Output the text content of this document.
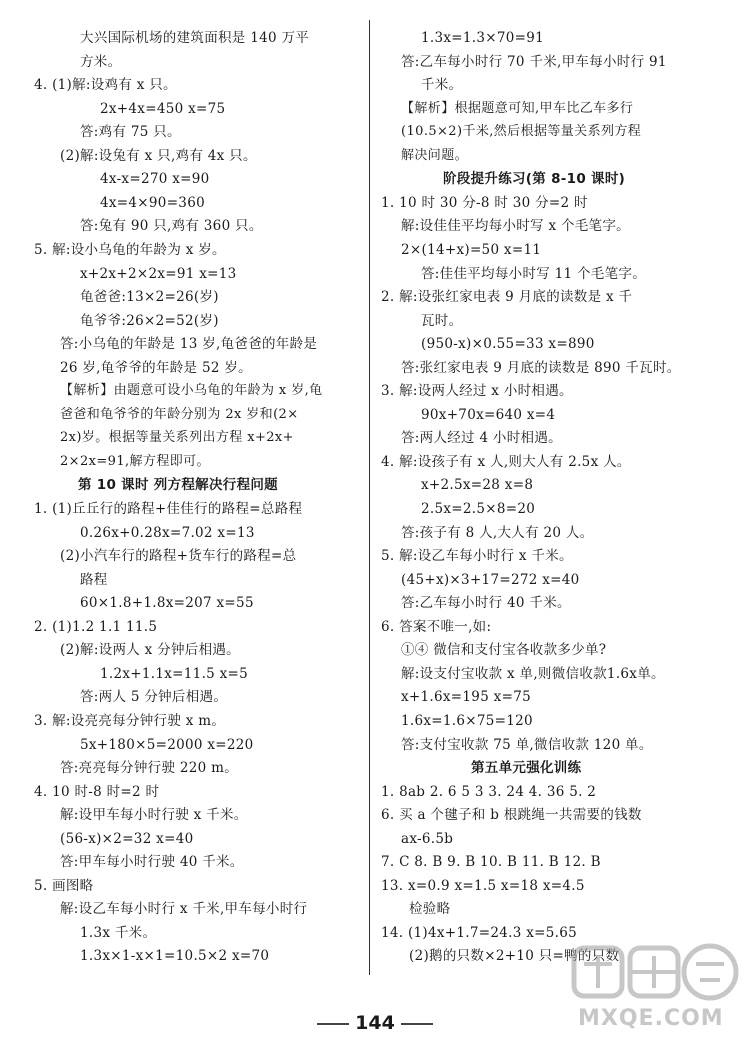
大兴国际机场的建筑面积是 140 万平
方米。
4. (1)解:设鸡有 x 只。
2x+4x=450 x=75
答:鸡有 75 只。
(2)解:设兔有 x 只,鸡有 4x 只。
4x-x=270 x=90
4x=4×90=360
答:兔有 90 只,鸡有 360 只。
5. 解:设小乌龟的年龄为 x 岁。
x+2x+2×2x=91 x=13
龟爸爸:13×2=26(岁)
龟爷爷:26×2=52(岁)
答:小乌龟的年龄是 13 岁,龟爸爸的年龄是
26 岁,龟爷爷的年龄是 52 岁。
【解析】由题意可设小乌龟的年龄为 x 岁,龟
爸爸和龟爷爷的年龄分别为 2x 岁和(2×
2x)岁。根据等量关系列出方程 x+2x+
2×2x=91,解方程即可。
第 10 课时 列方程解决行程问题
1. (1)丘丘行的路程+佳佳行的路程=总路程
0.26x+0.28x=7.02 x=13
(2)小汽车行的路程+货车行的路程=总
路程
60×1.8+1.8x=207 x=55
2. (1)1.2 1.1 11.5
(2)解:设两人 x 分钟后相遇。
1.2x+1.1x=11.5 x=5
答:两人 5 分钟后相遇。
3. 解:设亮亮每分钟行驶 x m。
5x+180×5=2000 x=220
答:亮亮每分钟行驶 220 m。
4. 10 时-8 时=2 时
解:设甲车每小时行驶 x 千米。
(56-x)×2=32 x=40
答:甲车每小时行驶 40 千米。
5. 画图略
解:设乙车每小时行 x 千米,甲车每小时行
1.3x 千米。
1.3x×1-x×1=10.5×2 x=70
1.3x=1.3×70=91
答:乙车每小时行 70 千米,甲车每小时行 91
千米。
【解析】根据题意可知,甲车比乙车多行
(10.5×2)千米,然后根据等量关系列方程
解决问题。
阶段提升练习(第 8-10 课时)
1. 10 时 30 分-8 时 30 分=2 时
解:设佳佳平均每小时写 x 个毛笔字。
2×(14+x)=50 x=11
答:佳佳平均每小时写 11 个毛笔字。
2. 解:设张红家电表 9 月底的读数是 x 千
瓦时。
(950-x)×0.55=33 x=890
答:张红家电表 9 月底的读数是 890 千瓦时。
3. 解:设两人经过 x 小时相遇。
90x+70x=640 x=4
答:两人经过 4 小时相遇。
4. 解:设孩子有 x 人,则大人有 2.5x 人。
x+2.5x=28 x=8
2.5x=2.5×8=20
答:孩子有 8 人,大人有 20 人。
5. 解:设乙车每小时行 x 千米。
(45+x)×3+17=272 x=40
答:乙车每小时行 40 千米。
6. 答案不唯一,如:
①④ 微信和支付宝各收款多少单?
解:设支付宝收款 x 单,则微信收款1.6x单。
x+1.6x=195 x=75
1.6x=1.6×75=120
答:支付宝收款 75 单,微信收款 120 单。
第五单元强化训练
1. 8ab 2. 6 5 3 3. 24 4. 36 5. 2
6. 买 a 个毽子和 b 根跳绳一共需要的钱数
ax-6.5b
7. C 8. B 9. B 10. B 11. B 12. B
13. x=0.9 x=1.5 x=18 x=4.5
检验略
14. (1)4x+1.7=24.3 x=5.65
(2)鹅的只数×2+10 只=鸭的只数
144	MXQE.COM
